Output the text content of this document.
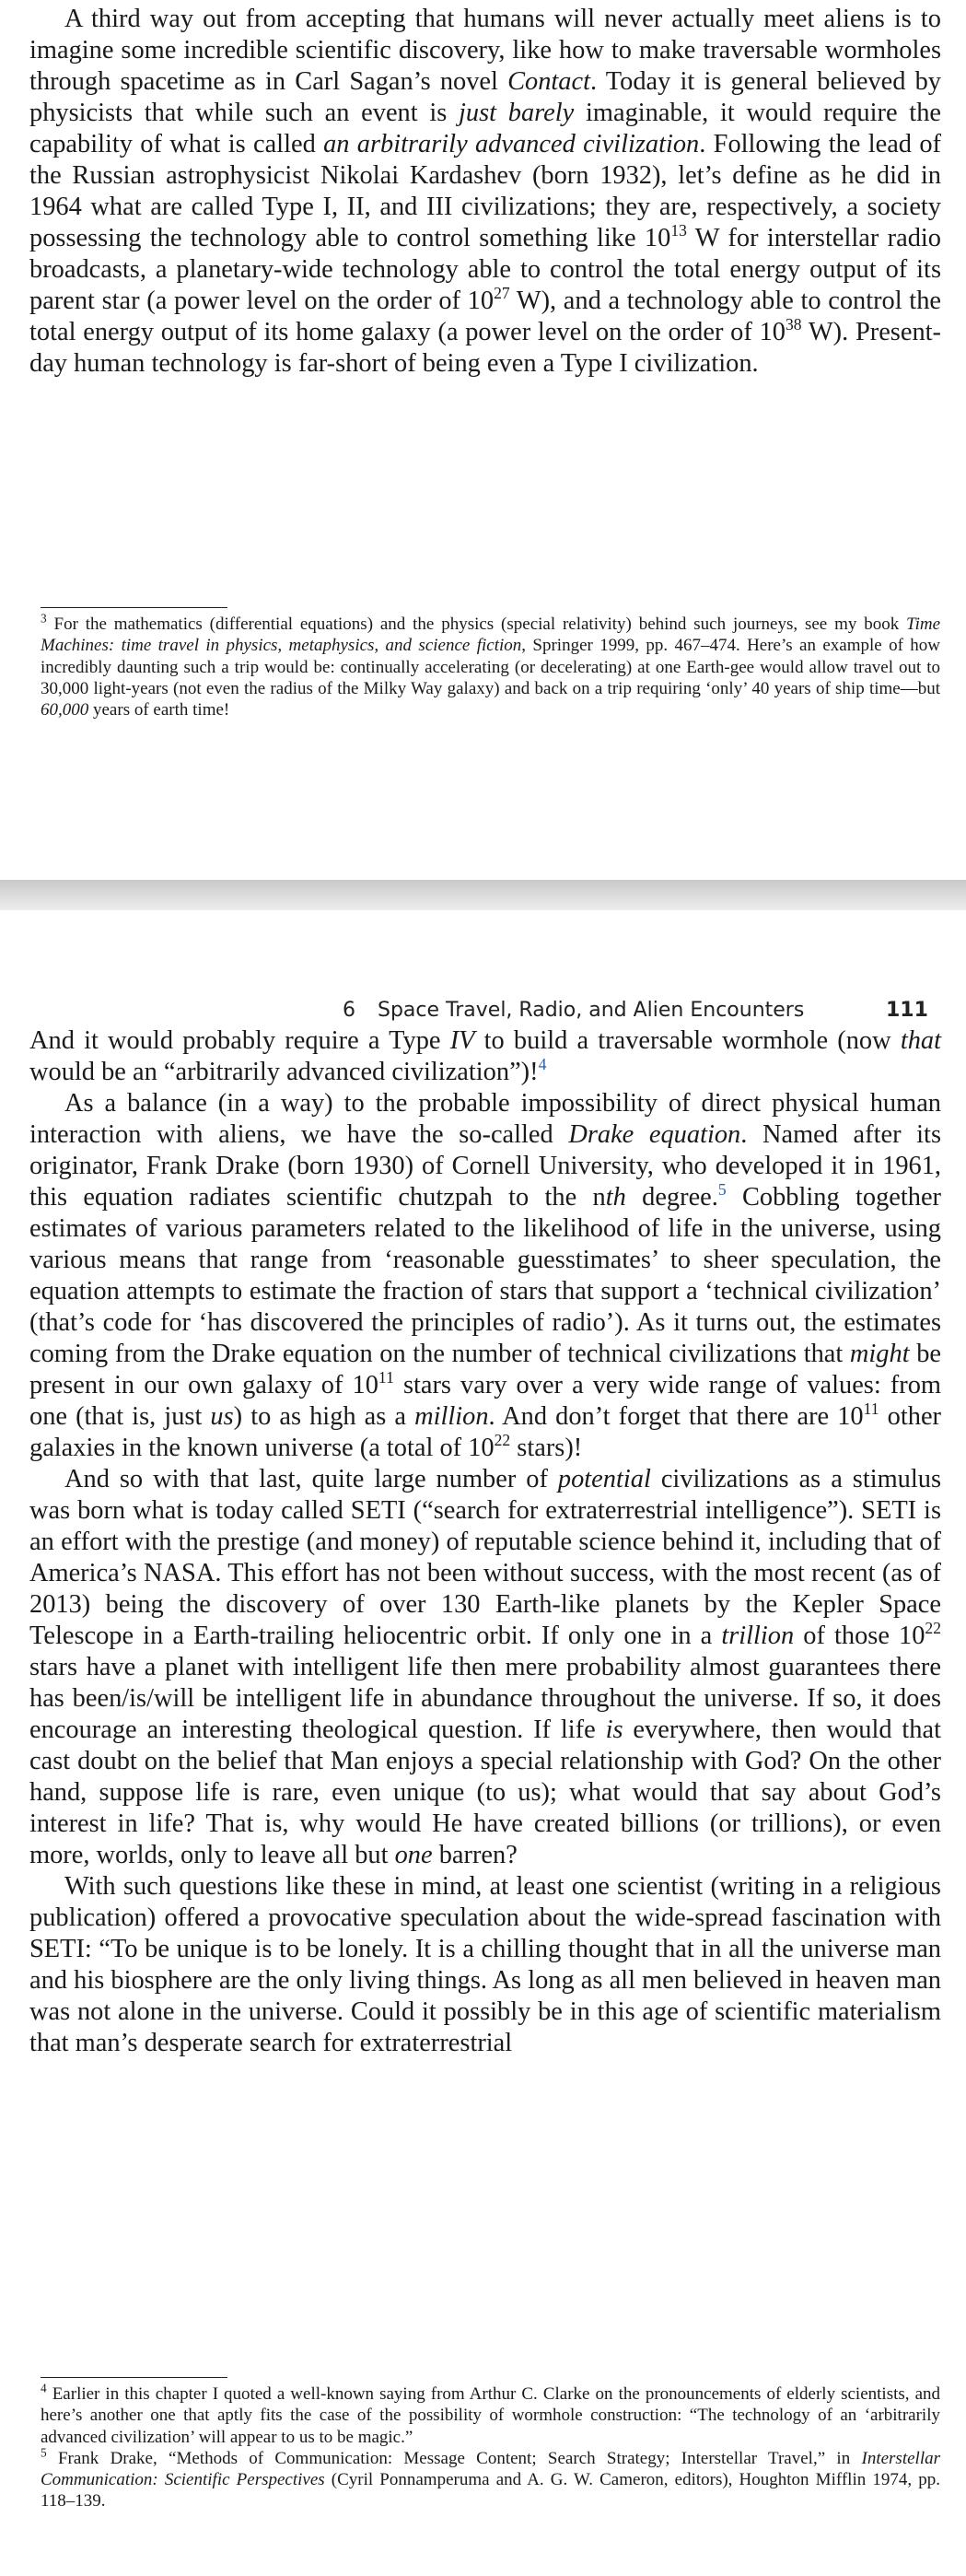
A third way out from accepting that humans will never actually meet aliens is to imagine some incredible scientific discovery, like how to make traversable wormholes through spacetime as in Carl Sagan’s novel Contact. Today it is general believed by physicists that while such an event is just barely imaginable, it would require the capability of what is called an arbitrarily advanced civilization. Following the lead of the Russian astrophysicist Nikolai Kardashev (born 1932), let’s define as he did in 1964 what are called Type I, II, and III civilizations; they are, respectively, a society possessing the technology able to control something like $10^{13}$ W for interstellar radio broadcasts, a planetary-wide technology able to control the total energy output of its parent star (a power level on the order of $10^{27}$ W), and a technology able to control the total energy output of its home galaxy (a power level on the order of $10^{38}$ W). Present-day human technology is far-short of being even a Type I civilization.

$^3$ For the mathematics (differential equations) and the physics (special relativity) behind such journeys, see my book Time Machines: time travel in physics, metaphysics, and science fiction, Springer 1999, pp. 467–474. Here’s an example of how incredibly daunting such a trip would be: continually accelerating (or decelerating) at one Earth-gee would allow travel out to 30,000 light-years (not even the radius of the Milky Way galaxy) and back on a trip requiring ‘only’ 40 years of ship time—but 60,000 years of earth time!

6 Space Travel, Radio, and Alien Encounters	111

And it would probably require a Type IV to build a traversable wormhole (now that would be an “arbitrarily advanced civilization”)!$^4$

As a balance (in a way) to the probable impossibility of direct physical human interaction with aliens, we have the so-called Drake equation. Named after its originator, Frank Drake (born 1930) of Cornell University, who developed it in 1961, this equation radiates scientific chutzpah to the nth degree.$^5$ Cobbling together estimates of various parameters related to the likelihood of life in the universe, using various means that range from ‘reasonable guesstimates’ to sheer speculation, the equation attempts to estimate the fraction of stars that support a ‘technical civilization’ (that’s code for ‘has discovered the principles of radio’). As it turns out, the estimates coming from the Drake equation on the number of technical civilizations that might be present in our own galaxy of $10^{11}$ stars vary over a very wide range of values: from one (that is, just us) to as high as a million. And don’t forget that there are $10^{11}$ other galaxies in the known universe (a total of $10^{22}$ stars)!

And so with that last, quite large number of potential civilizations as a stimulus was born what is today called SETI (“search for extraterrestrial intelligence”). SETI is an effort with the prestige (and money) of reputable science behind it, including that of America’s NASA. This effort has not been without success, with the most recent (as of 2013) being the discovery of over 130 Earth-like planets by the Kepler Space Telescope in a Earth-trailing heliocentric orbit. If only one in a trillion of those $10^{22}$ stars have a planet with intelligent life then mere probability almost guarantees there has been/is/will be intelligent life in abundance throughout the universe. If so, it does encourage an interesting theological question. If life is everywhere, then would that cast doubt on the belief that Man enjoys a special relationship with God? On the other hand, suppose life is rare, even unique (to us); what would that say about God’s interest in life? That is, why would He have created billions (or trillions), or even more, worlds, only to leave all but one barren?

With such questions like these in mind, at least one scientist (writing in a religious publication) offered a provocative speculation about the wide-spread fascination with SETI: “To be unique is to be lonely. It is a chilling thought that in all the universe man and his biosphere are the only living things. As long as all men believed in heaven man was not alone in the universe. Could it possibly be in this age of scientific materialism that man’s desperate search for extraterrestrial

$^4$ Earlier in this chapter I quoted a well-known saying from Arthur C. Clarke on the pronouncements of elderly scientists, and here’s another one that aptly fits the case of the possibility of wormhole construction: “The technology of an ‘arbitrarily advanced civilization’ will appear to us to be magic.”

$^5$ Frank Drake, “Methods of Communication: Message Content; Search Strategy; Interstellar Travel,” in Interstellar Communication: Scientific Perspectives (Cyril Ponnamperuma and A. G. W. Cameron, editors), Houghton Mifflin 1974, pp. 118–139.
